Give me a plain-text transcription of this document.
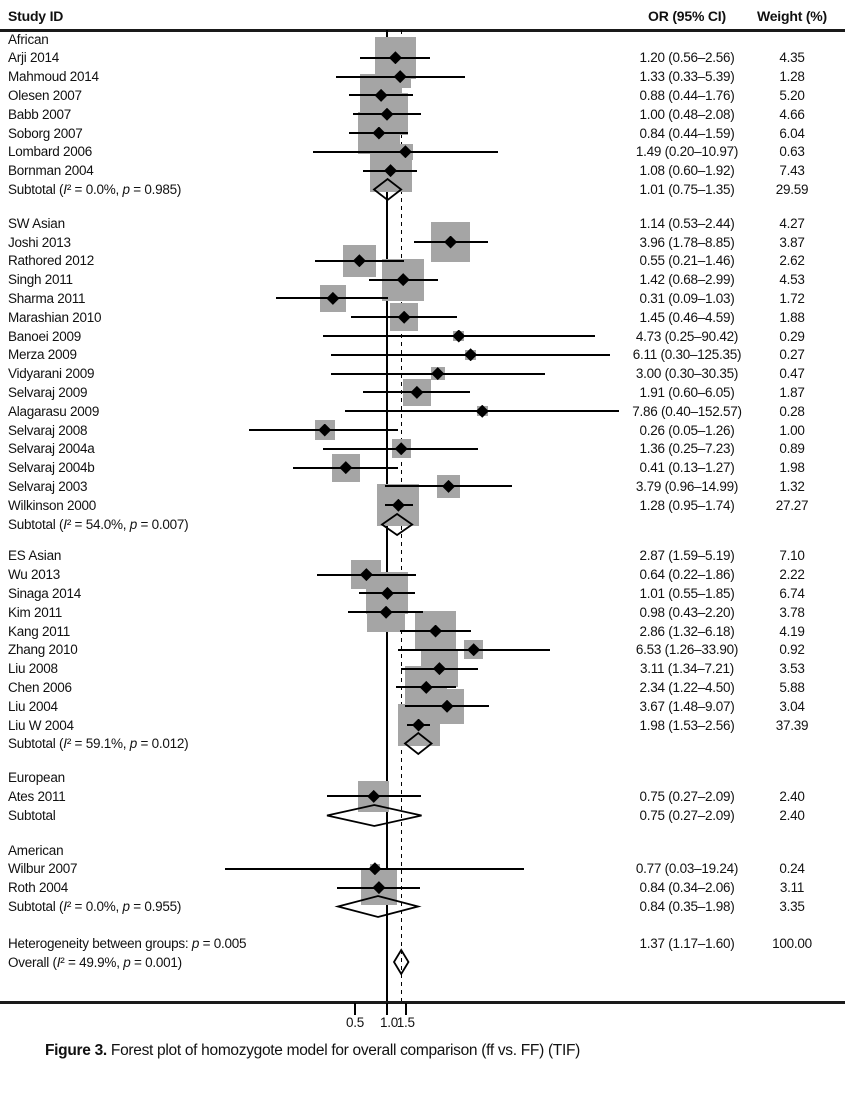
Study ID	OR (95% CI)	Weight (%)
African
Arji 2014	1.20 (0.56–2.56)	4.35
Mahmoud 2014	1.33 (0.33–5.39)	1.28
Olesen 2007	0.88 (0.44–1.76)	5.20
Babb 2007	1.00 (0.48–2.08)	4.66
Soborg 2007	0.84 (0.44–1.59)	6.04
Lombard 2006	1.49 (0.20–10.97)	0.63
Bornman 2004	1.08 (0.60–1.92)	7.43
Subtotal (I² = 0.0%, p = 0.985)	1.01 (0.75–1.35)	29.59
SW Asian	1.14 (0.53–2.44)	4.27
Joshi 2013	3.96 (1.78–8.85)	3.87
Rathored 2012	0.55 (0.21–1.46)	2.62
Singh 2011	1.42 (0.68–2.99)	4.53
Sharma 2011	0.31 (0.09–1.03)	1.72
Marashian 2010	1.45 (0.46–4.59)	1.88
Banoei 2009	4.73 (0.25–90.42)	0.29
Merza 2009	6.11 (0.30–125.35)	0.27
Vidyarani 2009	3.00 (0.30–30.35)	0.47
Selvaraj 2009	1.91 (0.60–6.05)	1.87
Alagarasu 2009	7.86 (0.40–152.57)	0.28
Selvaraj 2008	0.26 (0.05–1.26)	1.00
Selvaraj 2004a	1.36 (0.25–7.23)	0.89
Selvaraj 2004b	0.41 (0.13–1.27)	1.98
Selvaraj 2003	3.79 (0.96–14.99)	1.32
Wilkinson 2000	1.28 (0.95–1.74)	27.27
Subtotal (I² = 54.0%, p = 0.007)
ES Asian	2.87 (1.59–5.19)	7.10
Wu 2013	0.64 (0.22–1.86)	2.22
Sinaga 2014	1.01 (0.55–1.85)	6.74
Kim 2011	0.98 (0.43–2.20)	3.78
Kang 2011	2.86 (1.32–6.18)	4.19
Zhang 2010	6.53 (1.26–33.90)	0.92
Liu 2008	3.11 (1.34–7.21)	3.53
Chen 2006	2.34 (1.22–4.50)	5.88
Liu 2004	3.67 (1.48–9.07)	3.04
Liu W 2004	1.98 (1.53–2.56)	37.39
Subtotal (I² = 59.1%, p = 0.012)
European
Ates 2011	0.75 (0.27–2.09)	2.40
Subtotal	0.75 (0.27–2.09)	2.40
American
Wilbur 2007	0.77 (0.03–19.24)	0.24
Roth 2004	0.84 (0.34–2.06)	3.11
Subtotal (I² = 0.0%, p = 0.955)	0.84 (0.35–1.98)	3.35
Heterogeneity between groups: p = 0.005	1.37 (1.17–1.60)	100.00
Overall (I² = 49.9%, p = 0.001)
0.5	1.0
1.5
Figure 3. Forest plot of homozygote model for overall comparison (ff vs. FF) (TIF)
